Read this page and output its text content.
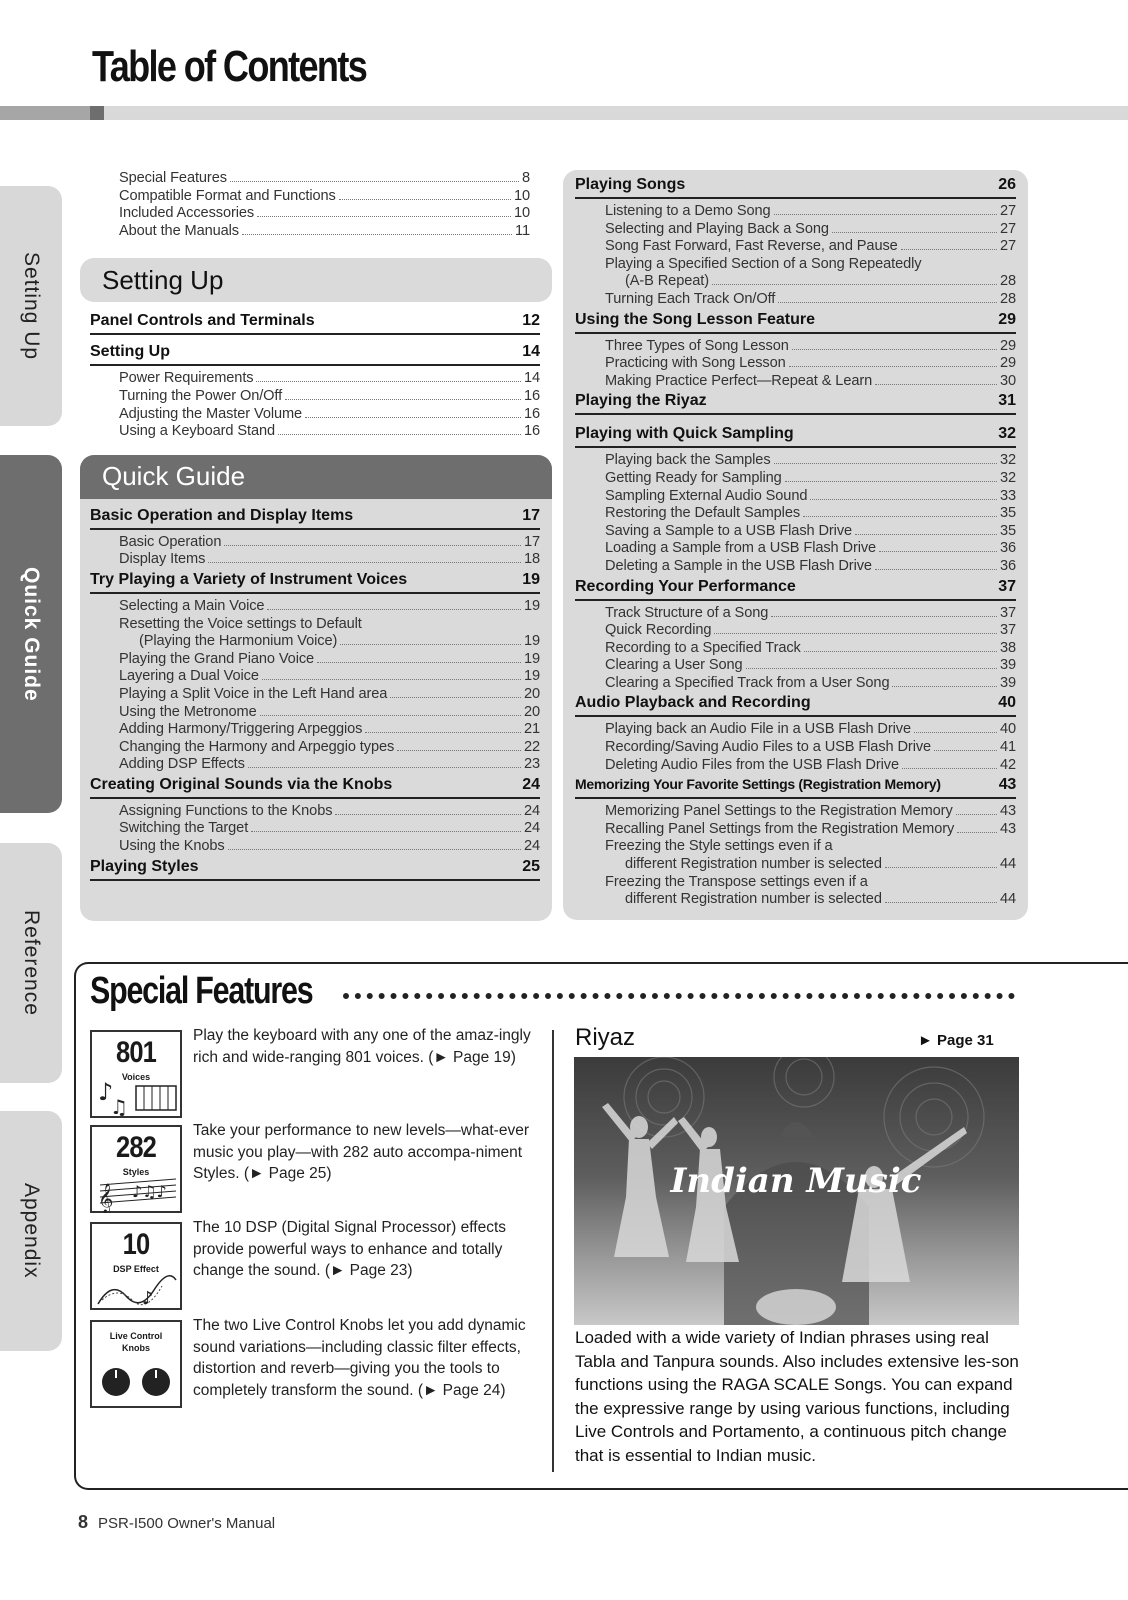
Table of Contents
Setting Up
Quick Guide
Reference
Appendix
Special Features	8
Compatible Format and Functions	10
Included Accessories	10
About the Manuals	11
Setting Up
Panel Controls and Terminals	12
Setting Up	14
Power Requirements	14
Turning the Power On/Off	16
Adjusting the Master Volume	16
Using a Keyboard Stand	16
Quick Guide
Basic Operation and Display Items	17
Basic Operation	17
Display Items	18
Try Playing a Variety of Instrument Voices	19
Selecting a Main Voice	19
Resetting the Voice settings to Default
(Playing the Harmonium Voice)	19
Playing the Grand Piano Voice	19
Layering a Dual Voice	19
Playing a Split Voice in the Left Hand area	20
Using the Metronome	20
Adding Harmony/Triggering Arpeggios	21
Changing the Harmony and Arpeggio types	22
Adding DSP Effects	23
Creating Original Sounds via the Knobs	24
Assigning Functions to the Knobs	24
Switching the Target	24
Using the Knobs	24
Playing Styles	25
Playing Songs	26
Listening to a Demo Song	27
Selecting and Playing Back a Song	27
Song Fast Forward, Fast Reverse, and Pause	27
Playing a Specified Section of a Song Repeatedly
(A-B Repeat)	28
Turning Each Track On/Off	28
Using the Song Lesson Feature	29
Three Types of Song Lesson	29
Practicing with Song Lesson	29
Making Practice Perfect—Repeat & Learn	30
Playing the Riyaz	31
Playing with Quick Sampling	32
Playing back the Samples	32
Getting Ready for Sampling	32
Sampling External Audio Sound	33
Restoring the Default Samples	35
Saving a Sample to a USB Flash Drive	35
Loading a Sample from a USB Flash Drive	36
Deleting a Sample in the USB Flash Drive	36
Recording Your Performance	37
Track Structure of a Song	37
Quick Recording	37
Recording to a Specified Track	38
Clearing a User Song	39
Clearing a Specified Track from a User Song	39
Audio Playback and Recording	40
Playing back an Audio File in a USB Flash Drive	40
Recording/Saving Audio Files to a USB Flash Drive	41
Deleting Audio Files from the USB Flash Drive	42
Memorizing Your Favorite Settings (Registration Memory)	43
Memorizing Panel Settings to the Registration Memory	43
Recalling Panel Settings from the Registration Memory	43
Freezing the Style settings even if a
different Registration number is selected	44
Freezing the Transpose settings even if a
different Registration number is selected	44
Special Features
801
Voices
♪
♫
Play the keyboard with any one of the amaz-ingly rich and wide-ranging 801 voices. (► Page 19)
282
Styles
𝄞 ♪♫♪
Take your performance to new levels—what-ever music you play—with 282 auto accompa-niment Styles. (► Page 25)
10
DSP Effect
♪
The 10 DSP (Digital Signal Processor) effects provide powerful ways to enhance and totally change the sound. (► Page 23)
Live Control Knobs
The two Live Control Knobs let you add dynamic sound variations—including classic filter effects, distortion and reverb—giving you the tools to completely transform the sound. (► Page 24)
Riyaz	► Page 31
Indian Music
Loaded with a wide variety of Indian phrases using real Tabla and Tanpura sounds. Also includes extensive les-son functions using the RAGA SCALE Songs. You can expand the expressive range by using various functions, including Live Controls and Portamento, a continuous pitch change that is essential to Indian music.
8 PSR-I500 Owner's Manual
